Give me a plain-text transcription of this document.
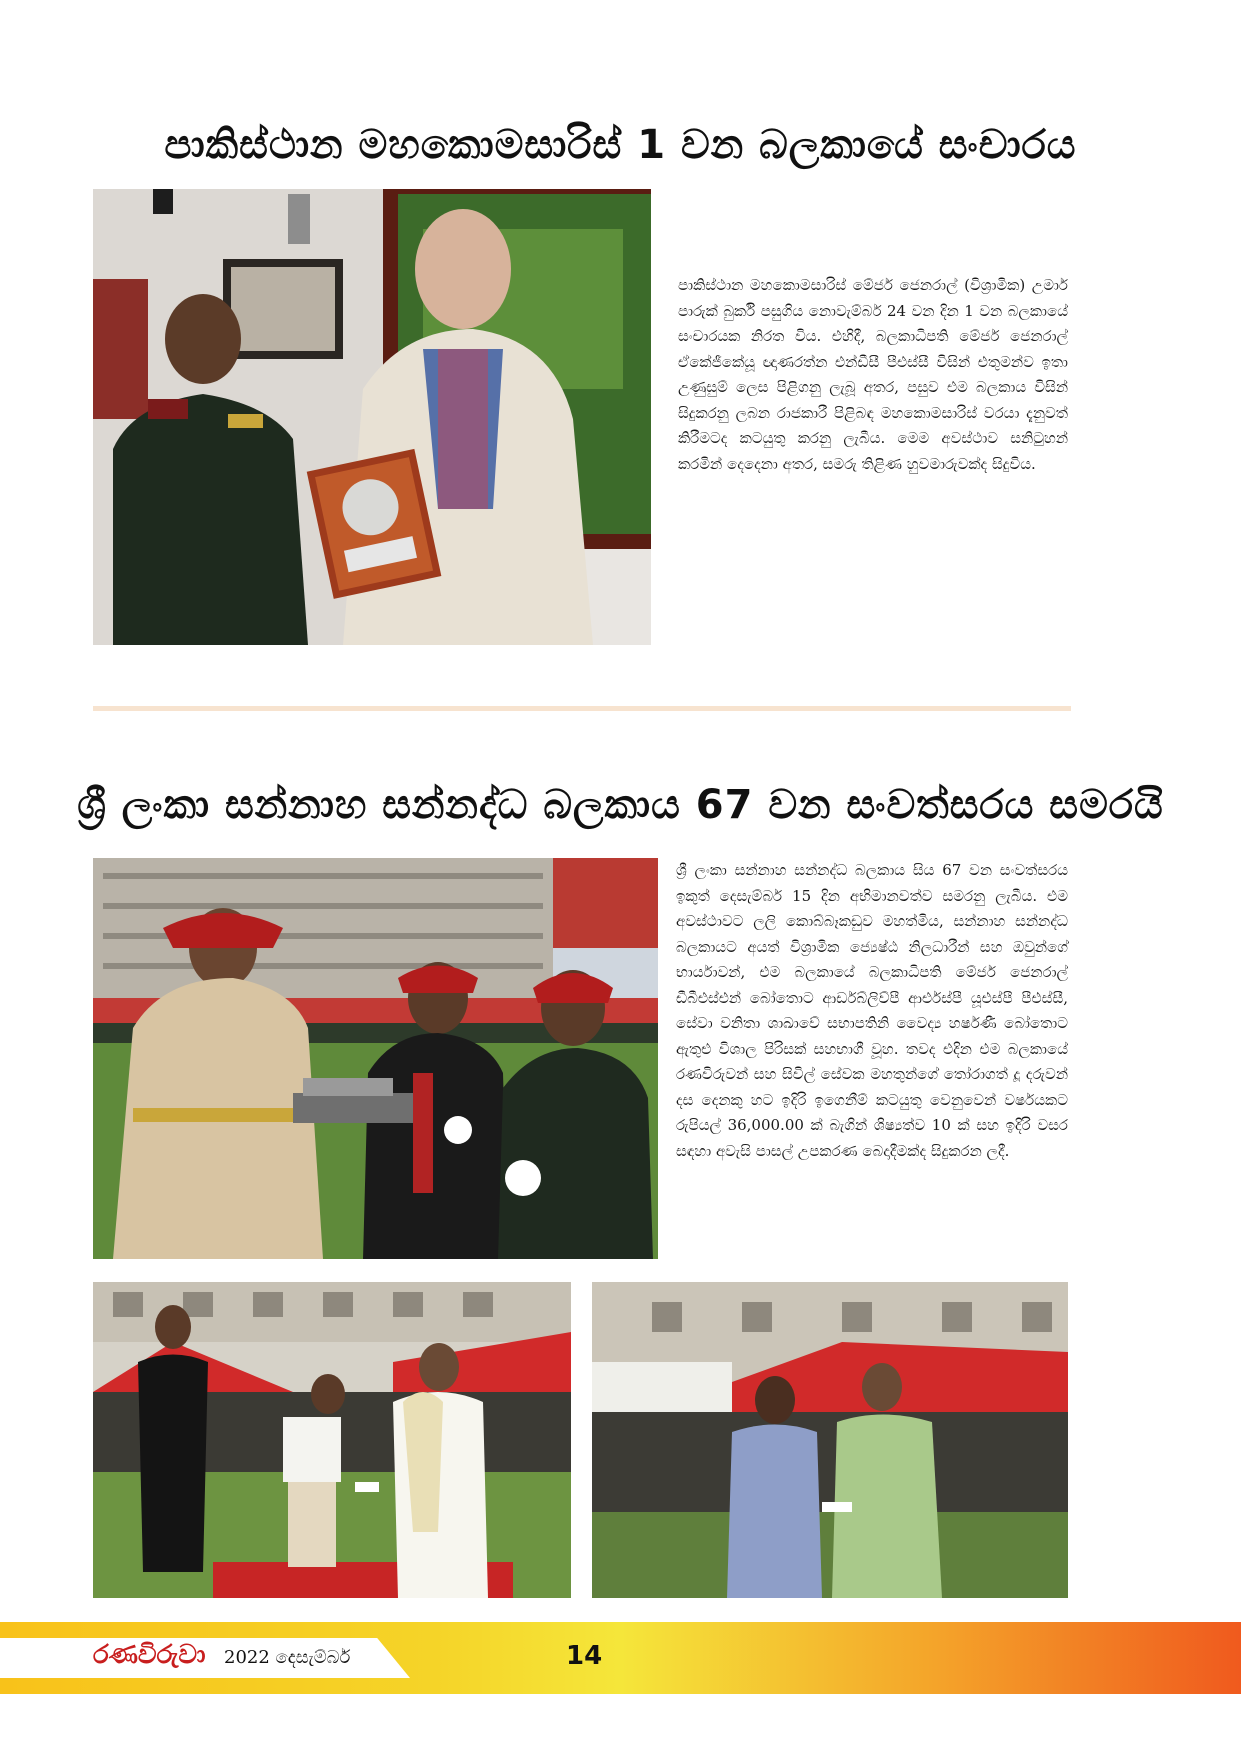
පාකිස්ථාන මහකොමසාරිස් 1 වන බලකායේ සංචාරය
පාකිස්ථාන මහකොමසාරිස් මේජර් ජෙනරාල් (විශ්‍රාමික) උමාර් පාරුක් බුර්කි පසුගිය නොවැම්බර් 24 වන දින 1 වන බලකායේ සංචාරයක නිරත විය. එහිදී, බලකාධිපති මේජර් ජෙනරාල් ඒකේජීකේයූ ඥාණරත්න එන්ඩීසී පීඑස්සී විසින් එතුමන්ව ඉතා උණුසුම් ලෙස පිළිගනු ලැබූ අතර, පසුව එම බලකාය විසින් සිදුකරනු ලබන රාජකාරී පිළිබඳ මහකොමසාරිස් වරයා දැනුවත් කිරීමටද කටයුතු කරනු ලැබීය. මෙම අවස්ථාව සනිටුහන් කරමින් දෙදෙනා අතර, සමරු තිළිණ හුවමාරුවක්ද සිදුවිය.
ශ්‍රී ලංකා සන්නාහ සන්නද්ධ බලකාය 67 වන සංවත්සරය සමරයි
ශ්‍රී ලංකා සන්නාහ සන්නද්ධ බලකාය සිය 67 වන සංවත්සරය ඉකුත් දෙසැම්බර් 15 දින අභිමානවත්ව සමරනු ලැබීය. එම අවස්ථාවට ලලි කොබ්බෑකඩුව මහත්මිය, සන්නාහ සන්නද්ධ බලකායට අයත් විශ්‍රාමික ජ්‍යෙෂ්ඨ නිලධාරීන් සහ ඔවුන්ගේ භාර්යාවන්, එම බලකායේ බලකාධිපති මේජර් ජෙනරාල් ඩීබීඑස්එන් බෝතොට ආර්ඩබ්ලිව්පී ආර්එස්පී යූඑස්පී පීඑස්සී, සේවා වනිතා ශාඛාවේ සභාපතිනි වෛද්‍ය හර්ෂණී බෝතොට ඇතුළු විශාල පිරිසක් සහභාගී වූහ. තවද එදින එම බලකායේ රණවිරුවන් සහ සිවිල් සේවක මහතුන්ගේ තෝරාගත් දූ දරුවන් දස දෙනකු හට ඉදිරි ඉගෙනීම් කටයුතු වෙනුවෙන් වර්ෂයකට රුපියල් 36,000.00 ක් බැගින් ශිෂ්‍යත්ව 10 ක් සහ ඉදිරි වසර සඳහා අවැසි පාසල් උපකරණ බෙදාදීමක්ද සිදුකරන ලදී.
රණවිරුවා 2022 දෙසැම්බර්	14
